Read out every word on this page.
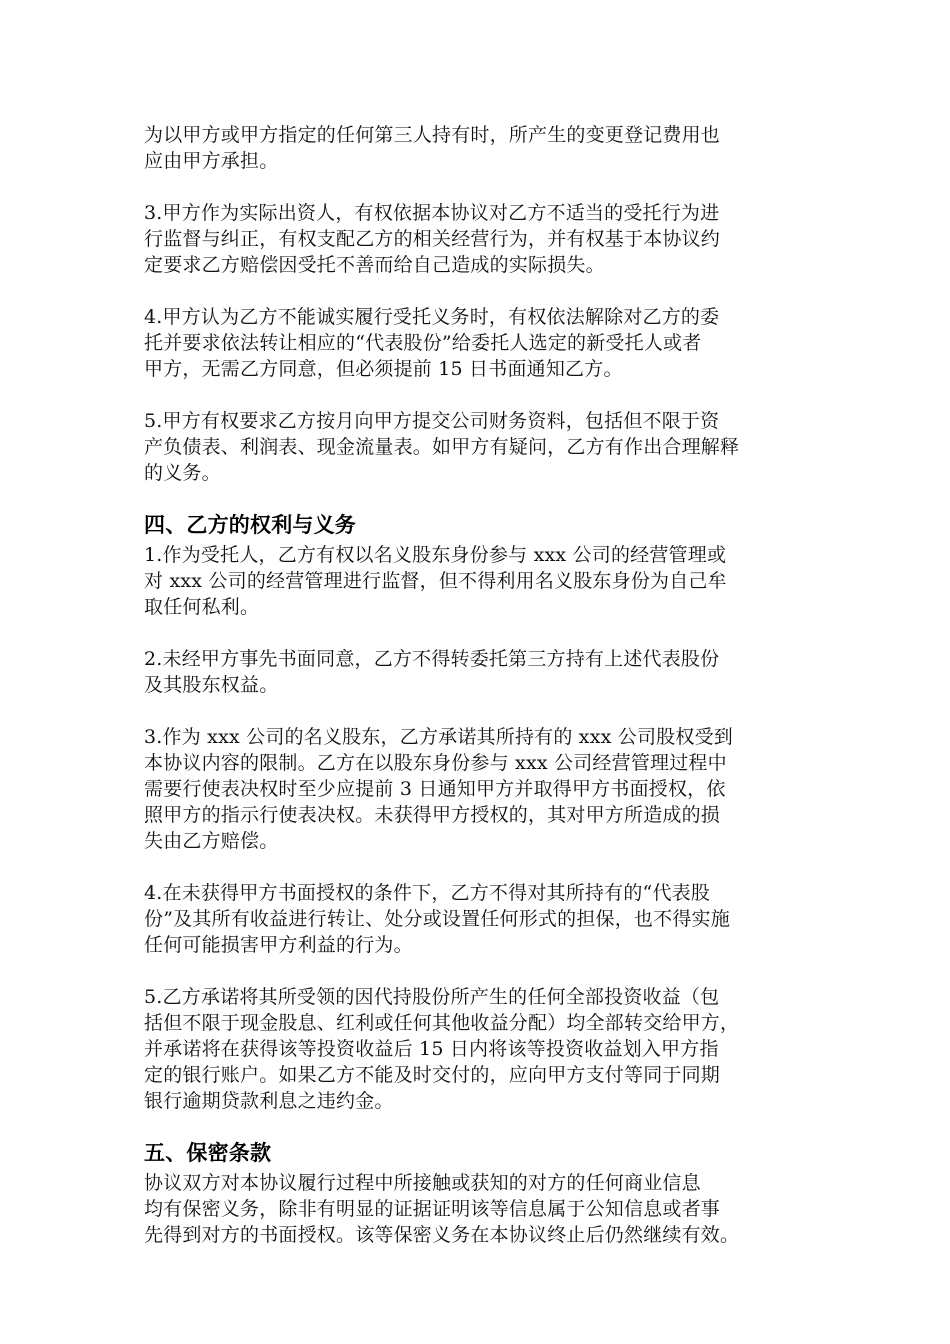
为以甲方或甲方指定的任何第三人持有时，所产生的变更登记费用也
应由甲方承担。
3.甲方作为实际出资人，有权依据本协议对乙方不适当的受托行为进
行监督与纠正，有权支配乙方的相关经营行为，并有权基于本协议约
定要求乙方赔偿因受托不善而给自己造成的实际损失。
4.甲方认为乙方不能诚实履行受托义务时，有权依法解除对乙方的委
托并要求依法转让相应的“代表股份”给委托人选定的新受托人或者
甲方，无需乙方同意，但必须提前 15 日书面通知乙方。
5.甲方有权要求乙方按月向甲方提交公司财务资料，包括但不限于资
产负债表、利润表、现金流量表。如甲方有疑问，乙方有作出合理解释
的义务。
四、乙方的权利与义务
1.作为受托人，乙方有权以名义股东身份参与 xxx 公司的经营管理或
对 xxx 公司的经营管理进行监督，但不得利用名义股东身份为自己牟
取任何私利。
2.未经甲方事先书面同意，乙方不得转委托第三方持有上述代表股份
及其股东权益。
3.作为 xxx 公司的名义股东，乙方承诺其所持有的 xxx 公司股权受到
本协议内容的限制。乙方在以股东身份参与 xxx 公司经营管理过程中
需要行使表决权时至少应提前 3 日通知甲方并取得甲方书面授权，依
照甲方的指示行使表决权。未获得甲方授权的，其对甲方所造成的损
失由乙方赔偿。
4.在未获得甲方书面授权的条件下，乙方不得对其所持有的“代表股
份”及其所有收益进行转让、处分或设置任何形式的担保，也不得实施
任何可能损害甲方利益的行为。
5.乙方承诺将其所受领的因代持股份所产生的任何全部投资收益（包
括但不限于现金股息、红利或任何其他收益分配）均全部转交给甲方，
并承诺将在获得该等投资收益后 15 日内将该等投资收益划入甲方指
定的银行账户。如果乙方不能及时交付的，应向甲方支付等同于同期
银行逾期贷款利息之违约金。
五、保密条款
协议双方对本协议履行过程中所接触或获知的对方的任何商业信息
均有保密义务，除非有明显的证据证明该等信息属于公知信息或者事
先得到对方的书面授权。该等保密义务在本协议终止后仍然继续有效。
